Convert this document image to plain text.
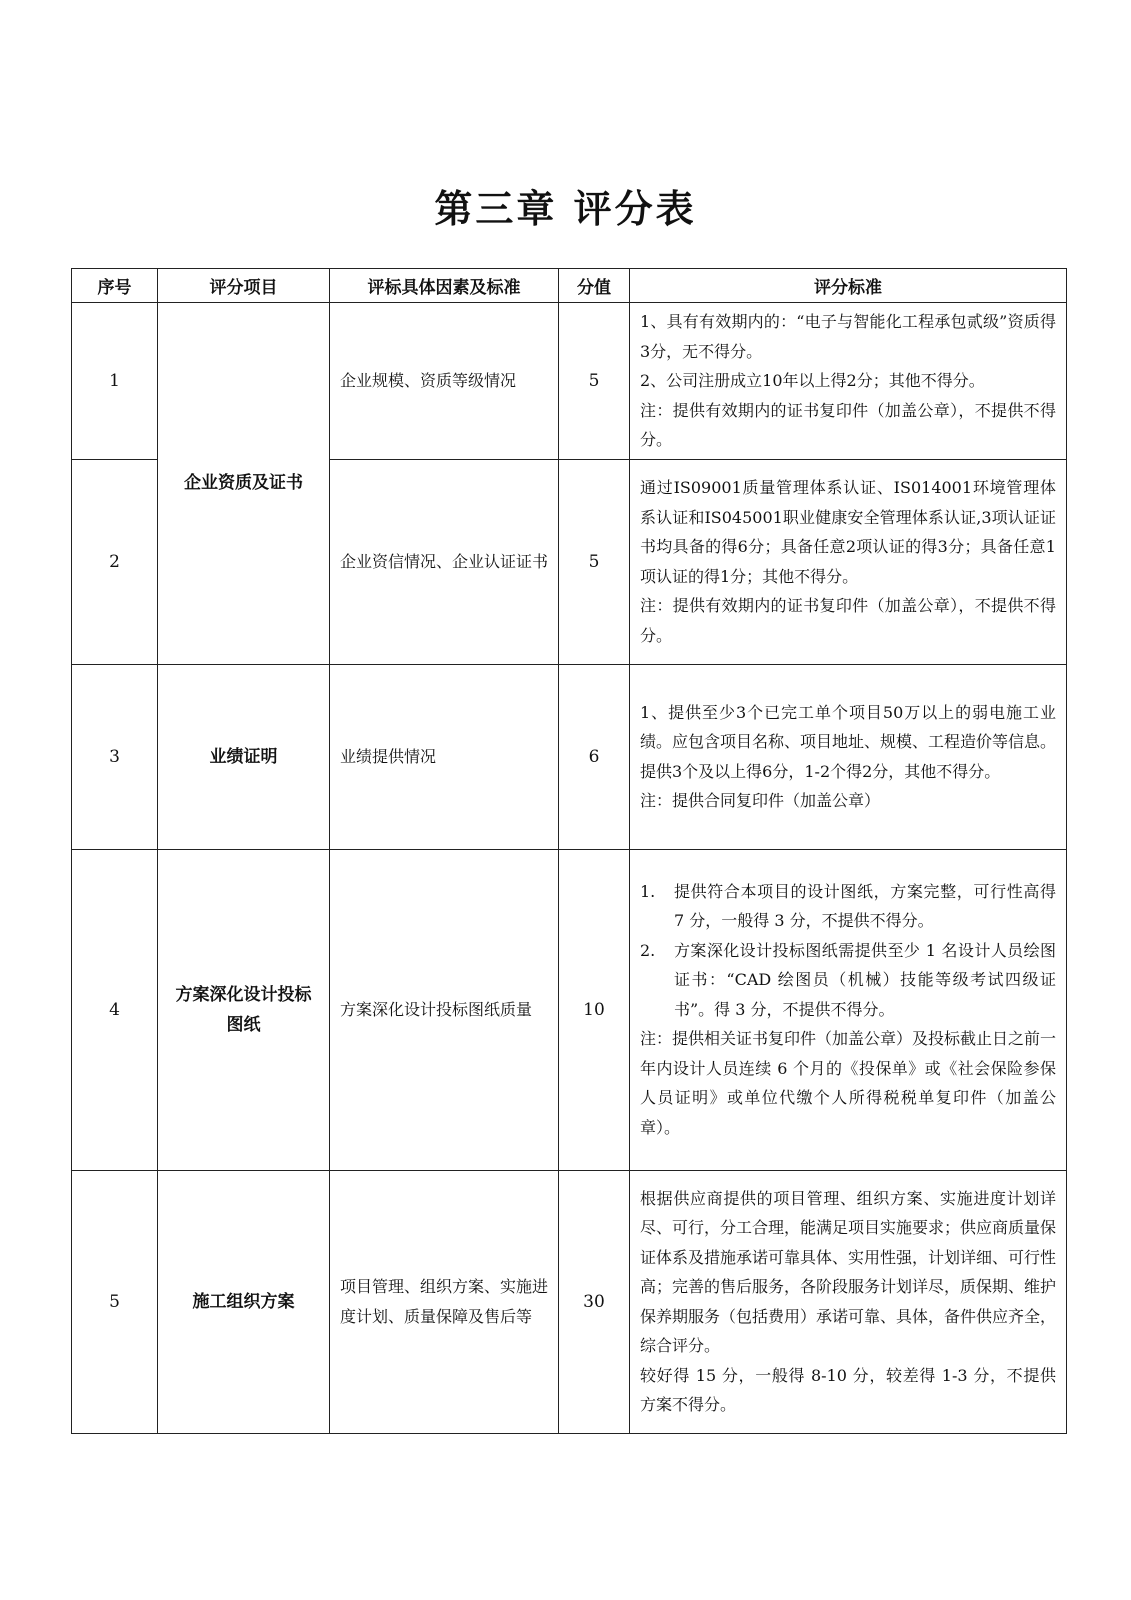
第三章 评分表
序号	评分项目	评标具体因素及标准	分值	评分标准
1	企业资质及证书	企业规模、资质等级情况	5	1、具有有效期内的：“电子与智能化工程承包贰级”资质得3分，无不得分。
2、公司注册成立10年以上得2分；其他不得分。
注：提供有效期内的证书复印件（加盖公章），不提供不得分。

2		企业资信情况、企业认证证书	5	通过IS09001质量管理体系认证、IS014001环境管理体系认证和IS045001职业健康安全管理体系认证,3项认证证书均具备的得6分；具备任意2项认证的得3分；具备任意1项认证的得1分；其他不得分。
注：提供有效期内的证书复印件（加盖公章），不提供不得分。

3	业绩证明	业绩提供情况	6	1、提供至少3个已完工单个项目50万以上的弱电施工业绩。应包含项目名称、项目地址、规模、工程造价等信息。提供3个及以上得6分，1-2个得2分，其他不得分。
注：提供合同复印件（加盖公章）

4	方案深化设计投标图纸	方案深化设计投标图纸质量	10	1. 提供符合本项目的设计图纸，方案完整，可行性高得 7 分，一般得 3 分，不提供不得分。
2. 方案深化设计投标图纸需提供至少 1 名设计人员绘图证书：“CAD 绘图员（机械）技能等级考试四级证书”。得 3 分，不提供不得分。
注：提供相关证书复印件（加盖公章）及投标截止日之前一年内设计人员连续 6 个月的《投保单》或《社会保险参保人员证明》或单位代缴个人所得税税单复印件（加盖公章）。

5	施工组织方案	项目管理、组织方案、实施进度计划、质量保障及售后等	30	根据供应商提供的项目管理、组织方案、实施进度计划详尽、可行，分工合理，能满足项目实施要求；供应商质量保证体系及措施承诺可靠具体、实用性强，计划详细、可行性高；完善的售后服务，各阶段服务计划详尽，质保期、维护保养期服务（包括费用）承诺可靠、具体，备件供应齐全，综合评分。
较好得 15 分，一般得 8-10 分，较差得 1-3 分，不提供方案不得分。
